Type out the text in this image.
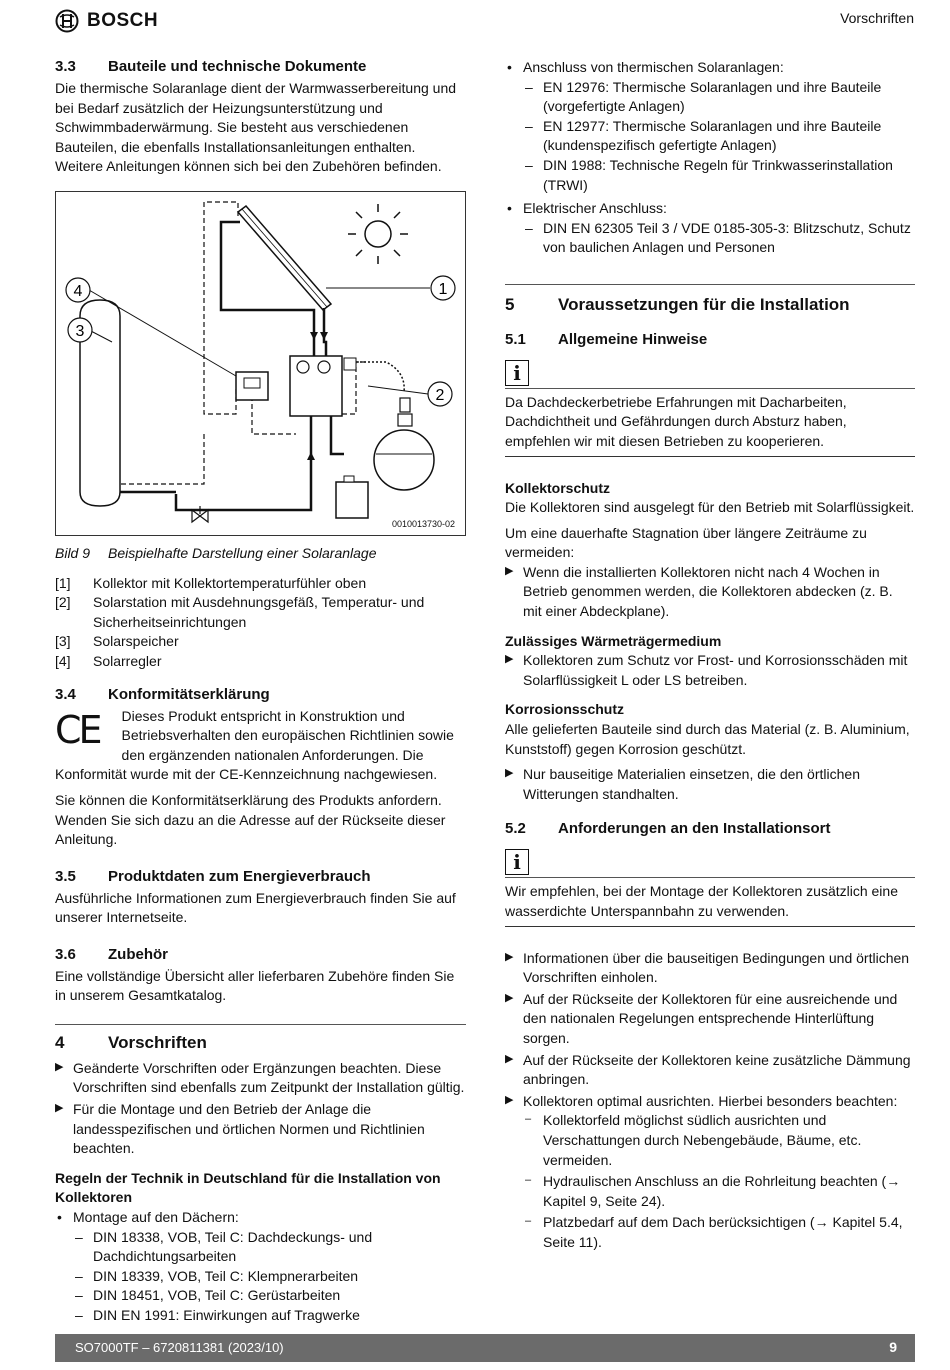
BOSCH	Vorschriften
3.3	Bauteile und technische Dokumente

Die thermische Solaranlage dient der Warmwasserbereitung und bei Bedarf zusätzlich der Heizungsunterstützung und Schwimmbaderwärmung. Sie besteht aus verschiedenen Bauteilen, die ebenfalls Installationsanleitungen enthalten. Weitere Anleitungen können sich bei den Zubehören befinden.

1
2
3
4
0010013730-02
Bild 9	Beispielhafte Darstellung einer Solaranlage
[1]	Kollektor mit Kollektortemperaturfühler oben
[2]	Solarstation mit Ausdehnungsgefäß, Temperatur- und Sicherheitseinrichtungen
[3]	Solarspeicher
[4]	Solarregler
3.4	Konformitätserklärung
CE	Dieses Produkt entspricht in Konstruktion und Betriebsverhalten den europäischen Richtlinien sowie den ergänzenden nationalen Anforderungen. Die Konformität wurde mit der CE-Kennzeichnung nachgewiesen.

Sie können die Konformitätserklärung des Produkts anfordern. Wenden Sie sich dazu an die Adresse auf der Rückseite dieser Anleitung.

3.5	Produktdaten zum Energieverbrauch

Ausführliche Informationen zum Energieverbrauch finden Sie auf unserer Internetseite.

3.6	Zubehör

Eine vollständige Übersicht aller lieferbaren Zubehöre finden Sie in unserem Gesamtkatalog.

4	Vorschriften
▶ Geänderte Vorschriften oder Ergänzungen beachten. Diese Vorschriften sind ebenfalls zum Zeitpunkt der Installation gültig.
▶ Für die Montage und den Betrieb der Anlage die landesspezifischen und örtlichen Normen und Richtlinien beachten.

Regeln der Technik in Deutschland für die Installation von Kollektoren

• Montage auf den Dächern:
– DIN 18338, VOB, Teil C: Dachdeckungs- und Dachdichtungsarbeiten
– DIN 18339, VOB, Teil C: Klempnerarbeiten
– DIN 18451, VOB, Teil C: Gerüstarbeiten
– DIN EN 1991: Einwirkungen auf Tragwerke
• Anschluss von thermischen Solaranlagen:
– EN 12976: Thermische Solaranlagen und ihre Bauteile (vorgefertigte Anlagen)
– EN 12977: Thermische Solaranlagen und ihre Bauteile (kundenspezifisch gefertigte Anlagen)
– DIN 1988: Technische Regeln für Trinkwasserinstallation (TRWI)
• Elektrischer Anschluss:
– DIN EN 62305 Teil 3 / VDE 0185-305-3: Blitzschutz, Schutz von baulichen Anlagen und Personen
5	Voraussetzungen für die Installation
5.1	Allgemeine Hinweise
i

Da Dachdeckerbetriebe Erfahrungen mit Dacharbeiten, Dachdichtheit und Gefährdungen durch Absturz haben, empfehlen wir mit diesen Betrieben zu kooperieren.

Kollektorschutz

Die Kollektoren sind ausgelegt für den Betrieb mit Solarflüssigkeit.

Um eine dauerhafte Stagnation über längere Zeiträume zu vermeiden:

▶ Wenn die installierten Kollektoren nicht nach 4 Wochen in Betrieb genommen werden, die Kollektoren abdecken (z. B. mit einer Abdeckplane).

Zulässiges Wärmeträgermedium

▶ Kollektoren zum Schutz vor Frost- und Korrosionsschäden mit Solarflüssigkeit L oder LS betreiben.

Korrosionsschutz

Alle gelieferten Bauteile sind durch das Material (z. B. Aluminium, Kunststoff) gegen Korrosion geschützt.

▶ Nur bauseitige Materialien einsetzen, die den örtlichen Witterungen standhalten.
5.2	Anforderungen an den Installationsort
i

Wir empfehlen, bei der Montage der Kollektoren zusätzlich eine wasserdichte Unterspannbahn zu verwenden.

▶ Informationen über die bauseitigen Bedingungen und örtlichen Vorschriften einholen.
▶ Auf der Rückseite der Kollektoren für eine ausreichende und den nationalen Regelungen entsprechende Hinterlüftung sorgen.
▶ Auf der Rückseite der Kollektoren keine zusätzliche Dämmung anbringen.
▶ Kollektoren optimal ausrichten. Hierbei besonders beachten:
– Kollektorfeld möglichst südlich ausrichten und Verschattungen durch Nebengebäude, Bäume, etc. vermeiden.
– Hydraulischen Anschluss an die Rohrleitung beachten (→ Kapitel 9, Seite 24).
– Platzbedarf auf dem Dach berücksichtigen (→ Kapitel 5.4, Seite 11).
SO7000TF – 6720811381 (2023/10)	9
